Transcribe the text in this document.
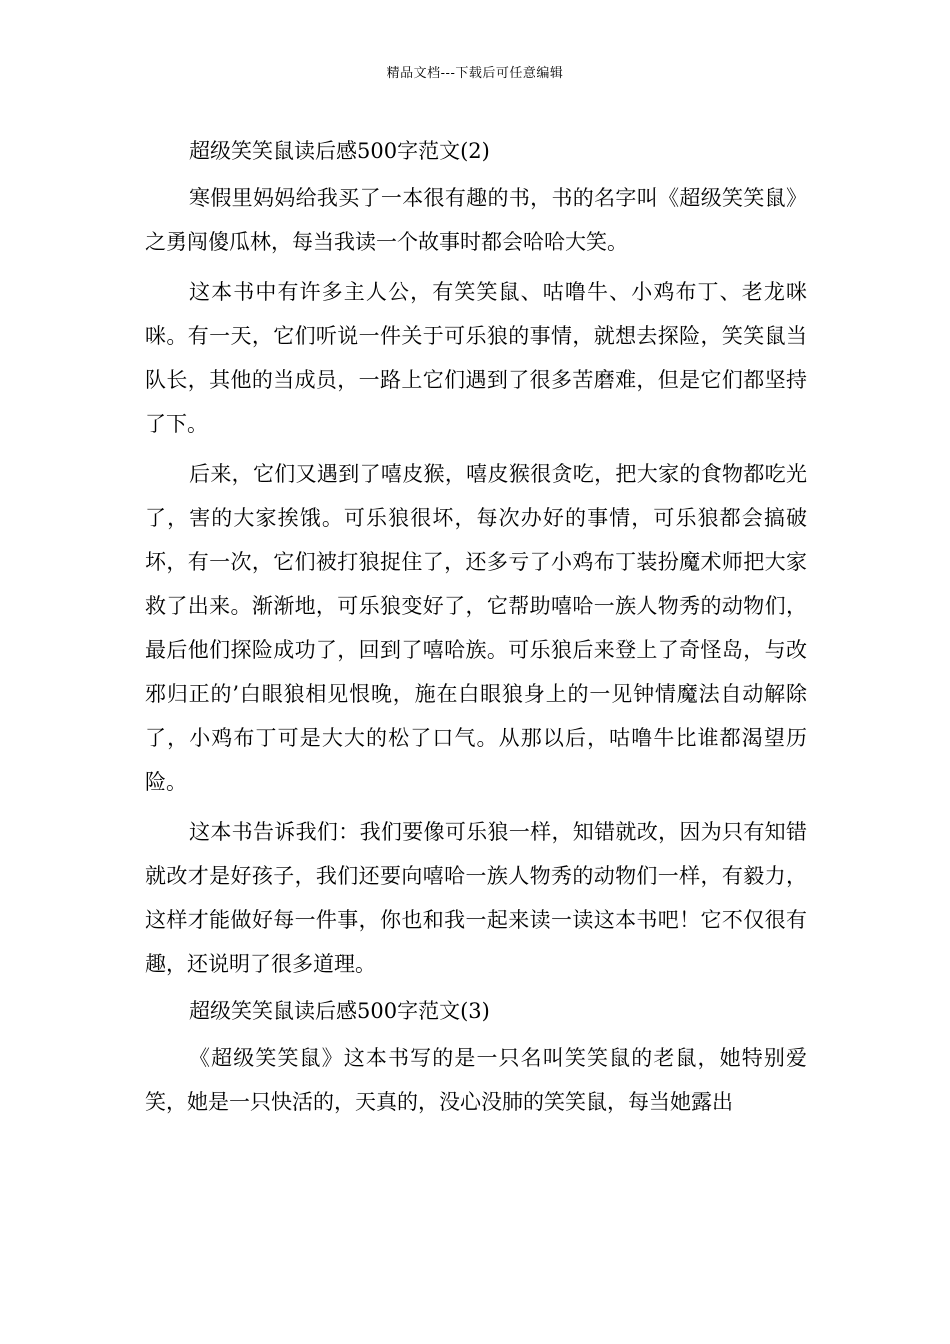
精品文档---下载后可任意编辑
超级笑笑鼠读后感500字范文(2)

寒假里妈妈给我买了一本很有趣的书，书的名字叫《超级笑笑鼠》之勇闯傻瓜林，每当我读一个故事时都会哈哈大笑。

这本书中有许多主人公，有笑笑鼠、咕噜牛、小鸡布丁、老龙咪咪。有一天，它们听说一件关于可乐狼的事情，就想去探险，笑笑鼠当队长，其他的当成员，一路上它们遇到了很多苦磨难，但是它们都坚持了下。

后来，它们又遇到了嘻皮猴，嘻皮猴很贪吃，把大家的食物都吃光了，害的大家挨饿。可乐狼很坏，每次办好的事情，可乐狼都会搞破坏，有一次，它们被打狼捉住了，还多亏了小鸡布丁装扮魔术师把大家救了出来。渐渐地，可乐狼变好了，它帮助嘻哈一族人物秀的动物们，最后他们探险成功了，回到了嘻哈族。可乐狼后来登上了奇怪岛，与改邪归正的’白眼狼相见恨晚，施在白眼狼身上的一见钟情魔法自动解除了，小鸡布丁可是大大的松了口气。从那以后，咕噜牛比谁都渴望历险。

这本书告诉我们：我们要像可乐狼一样，知错就改，因为只有知错就改才是好孩子，我们还要向嘻哈一族人物秀的动物们一样，有毅力，这样才能做好每一件事，你也和我一起来读一读这本书吧！它不仅很有趣，还说明了很多道理。

超级笑笑鼠读后感500字范文(3)

《超级笑笑鼠》这本书写的是一只名叫笑笑鼠的老鼠，她特别爱笑，她是一只快活的，天真的，没心没肺的笑笑鼠，每当她露出
